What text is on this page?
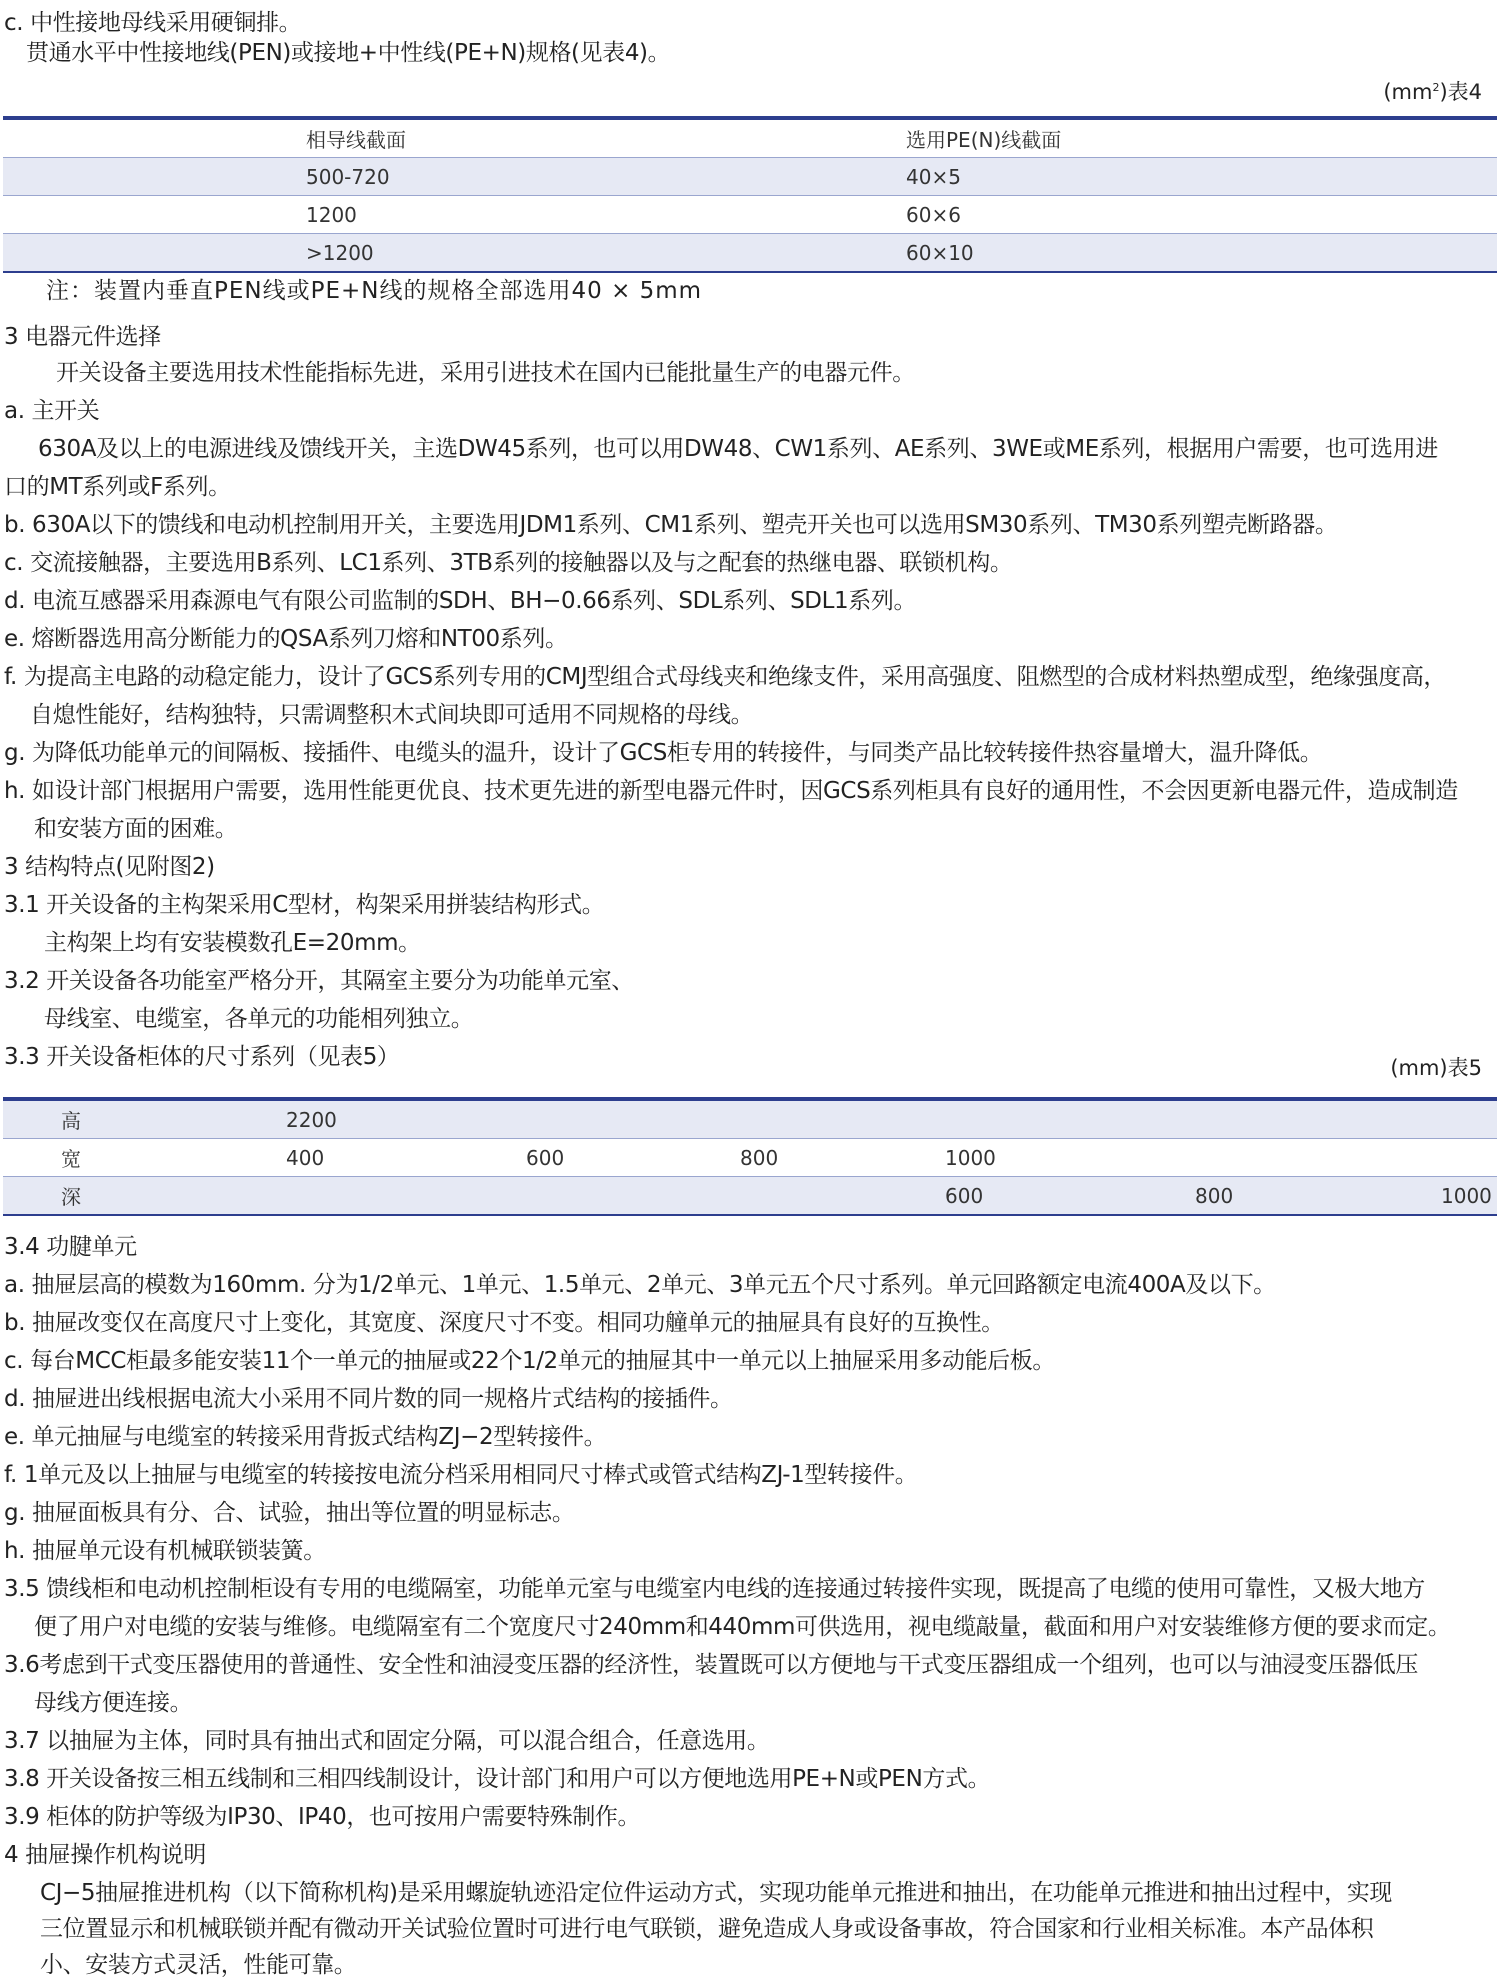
c. 中性接地母线采用硬铜排。
贯通水平中性接地线(PEN)或接地+中性线(PE+N)规格(见表4)。
$(mm^2)$表4
相导线截面	选用PE(N)线截面
500-720	40×5
1200	60×6
>1200	60×10
注：装置内垂直PEN线或PE+N线的规格全部选用40 × 5mm
3 电器元件选择
开关设备主要选用技术性能指标先进，采用引进技术在国内已能批量生产的电器元件。
a. 主开关
630A及以上的电源进线及馈线开关，主选DW45系列，也可以用DW48、CW1系列、AE系列、3WE或ME系列，根据用户需要，也可选用进
口的MT系列或F系列。
b. 630A以下的馈线和电动机控制用开关，主要选用JDM1系列、CM1系列、塑壳开关也可以选用SM30系列、TM30系列塑壳断路器。
c. 交流接触器，主要选用B系列、LC1系列、3TB系列的接触器以及与之配套的热继电器、联锁机构。
d. 电流互感器采用森源电气有限公司监制的SDH、BH−0.66系列、SDL系列、SDL1系列。
e. 熔断器选用高分断能力的QSA系列刀熔和NT00系列。
f. 为提高主电路的动稳定能力，设计了GCS系列专用的CMJ型组合式母线夹和绝缘支件，采用高强度、阻燃型的合成材料热塑成型，绝缘强度高，
自熄性能好，结构独特，只需调整积木式间块即可适用不同规格的母线。
g. 为降低功能单元的间隔板、接插件、电缆头的温升，设计了GCS柜专用的转接件，与同类产品比较转接件热容量增大，温升降低。
h. 如设计部门根据用户需要，选用性能更优良、技术更先进的新型电器元件时，因GCS系列柜具有良好的通用性，不会因更新电器元件，造成制造
和安装方面的困难。
3 结构特点(见附图2)
3.1 开关设备的主构架采用C型材，构架采用拼装结构形式。
主构架上均有安装模数孔E=20mm。
3.2 开关设备各功能室严格分开，其隔室主要分为功能单元室、
母线室、电缆室，各单元的功能相列独立。
3.3 开关设备柜体的尺寸系列（见表5）	(mm)表5
高	2200					
宽	400	600	800	1000		
深				600	800	1000
3.4 功腱单元
a. 抽屉层高的模数为160mm. 分为1/2单元、1单元、1.5单元、2单元、3单元五个尺寸系列。单元回路额定电流400A及以下。
b. 抽屉改变仅在高度尺寸上变化，其宽度、深度尺寸不变。相同功艟单元的抽屉具有良好的互换性。
c. 每台MCC柜最多能安装11个一单元的抽屉或22个1/2单元的抽屉其中一单元以上抽屉采用多动能后板。
d. 抽屉进出线根据电流大小采用不同片数的同一规格片式结构的接插件。
e. 单元抽屉与电缆室的转接采用背扳式结构ZJ−2型转接件。
f. 1单元及以上抽屉与电缆室的转接按电流分档采用相同尺寸棒式或管式结构ZJ-1型转接件。
g. 抽屉面板具有分、合、试验，抽出等位置的明显标志。
h. 抽屉单元设有机械联锁装簧。
3.5 馈线柜和电动机控制柜设有专用的电缆隔室，功能单元室与电缆室内电线的连接通过转接件实现，既提高了电缆的使用可靠性，又极大地方
便了用户对电缆的安装与维修。电缆隔室有二个宽度尺寸240mm和440mm可供选用，视电缆敲量，截面和用户对安装维修方便的要求而定。
3.6考虑到干式变压器使用的普通性、安全性和油浸变压器的经济性，装置既可以方便地与干式变压器组成一个组列，也可以与油浸变压器低压
母线方便连接。
3.7 以抽屉为主体，同时具有抽出式和固定分隔，可以混合组合，任意选用。
3.8 开关设备按三相五线制和三相四线制设计，设计部门和用户可以方便地选用PE+N或PEN方式。
3.9 柜体的防护等级为IP30、IP40，也可按用户需要特殊制作。
4 抽屉操作机构说明
CJ−5抽屉推进机构（以下简称机构)是采用螺旋轨迹沿定位件运动方式，实现功能单元推进和抽出，在功能单元推进和抽出过程中，实现
三位置显示和机械联锁并配有微动开关试验位置时可进行电气联锁，避免造成人身或设备事故，符合国家和行业相关标准。本产品体积
小、安装方式灵活，性能可靠。
